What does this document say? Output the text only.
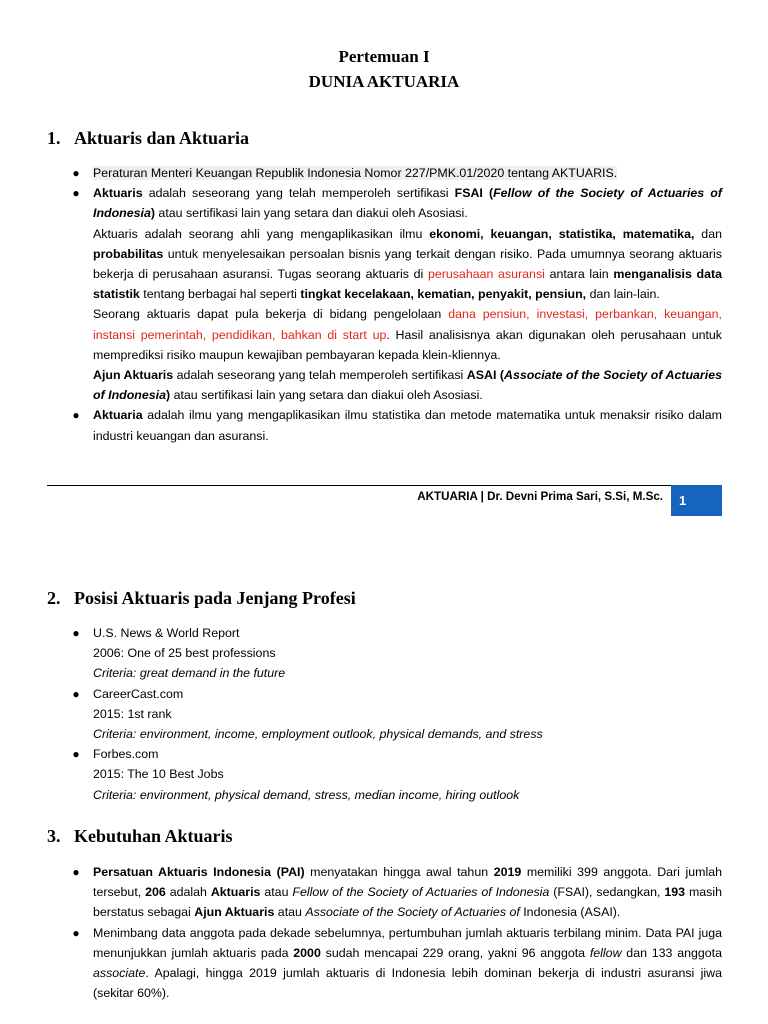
Pertemuan I
DUNIA AKTUARIA
1. Aktuaris dan Aktuaria
● Peraturan Menteri Keuangan Republik Indonesia Nomor 227/PMK.01/2020 tentang AKTUARIS.

● Aktuaris adalah seseorang yang telah memperoleh sertifikasi FSAI (Fellow of the Society of Actuaries of Indonesia) atau sertifikasi lain yang setara dan diakui oleh Asosiasi.

Aktuaris adalah seorang ahli yang mengaplikasikan ilmu ekonomi, keuangan, statistika, matematika, dan probabilitas untuk menyelesaikan persoalan bisnis yang terkait dengan risiko. Pada umumnya seorang aktuaris bekerja di perusahaan asuransi. Tugas seorang aktuaris di perusahaan asuransi antara lain menganalisis data statistik tentang berbagai hal seperti tingkat kecelakaan, kematian, penyakit, pensiun, dan lain-lain.

Seorang aktuaris dapat pula bekerja di bidang pengelolaan dana pensiun, investasi, perbankan, keuangan, instansi pemerintah, pendidikan, bahkan di start up. Hasil analisisnya akan digunakan oleh perusahaan untuk memprediksi risiko maupun kewajiban pembayaran kepada klein-kliennya.

Ajun Aktuaris adalah seseorang yang telah memperoleh sertifikasi ASAI (Associate of the Society of Actuaries of Indonesia) atau sertifikasi lain yang setara dan diakui oleh Asosiasi.

● Aktuaria adalah ilmu yang mengaplikasikan ilmu statistika dan metode matematika untuk menaksir risiko dalam industri keuangan dan asuransi.

AKTUARIA | Dr. Devni Prima Sari, S.Si, M.Sc.	1
2. Posisi Aktuaris pada Jenjang Profesi
● U.S. News & World Report
2006: One of 25 best professions
Criteria: great demand in the future
● CareerCast.com
2015: 1st rank
Criteria: environment, income, employment outlook, physical demands, and stress
● Forbes.com
2015: The 10 Best Jobs
Criteria: environment, physical demand, stress, median income, hiring outlook
3. Kebutuhan Aktuaris
● Persatuan Aktuaris Indonesia (PAI) menyatakan hingga awal tahun 2019 memiliki 399 anggota. Dari jumlah tersebut, 206 adalah Aktuaris atau Fellow of the Society of Actuaries of Indonesia (FSAI), sedangkan, 193 masih berstatus sebagai Ajun Aktuaris atau Associate of the Society of Actuaries of Indonesia (ASAI).

● Menimbang data anggota pada dekade sebelumnya, pertumbuhan jumlah aktuaris terbilang minim. Data PAI juga menunjukkan jumlah aktuaris pada 2000 sudah mencapai 229 orang, yakni 96 anggota fellow dan 133 anggota associate. Apalagi, hingga 2019 jumlah aktuaris di Indonesia lebih dominan bekerja di industri asuransi jiwa (sekitar 60%).
